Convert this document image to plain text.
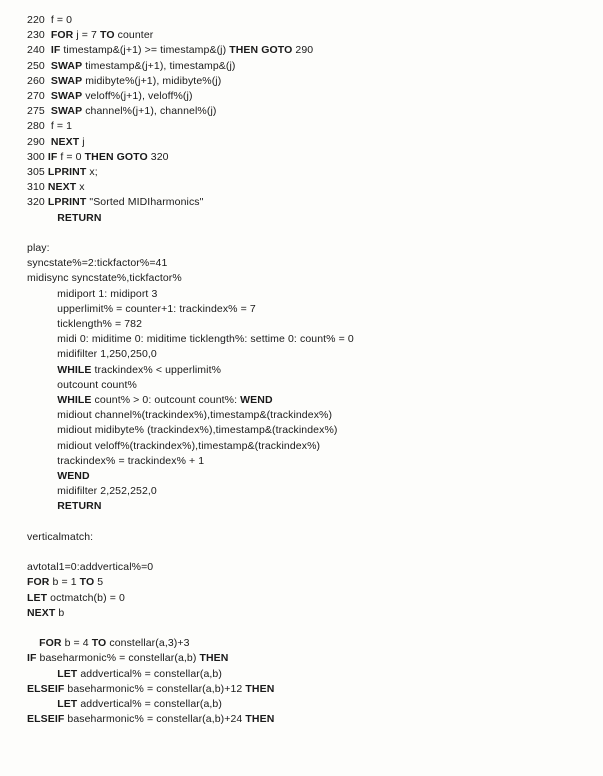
220  f = 0
230  FOR j = 7 TO counter
240  IF timestamp&(j+1) >= timestamp&(j) THEN GOTO 290
250  SWAP timestamp&(j+1), timestamp&(j)
260  SWAP midibyte%(j+1), midibyte%(j)
270  SWAP veloff%(j+1), veloff%(j)
275  SWAP channel%(j+1), channel%(j)
280  f = 1
290  NEXT j
300 IF f = 0 THEN GOTO 320
305 LPRINT x;
310 NEXT x
320 LPRINT "Sorted MIDIharmonics"
RETURN
play:
syncstate%=2:tickfactor%=41
midisync syncstate%,tickfactor%
midiport 1: midiport 3
upperlimit% = counter+1: trackindex% = 7
ticklength% = 782
midi 0: miditime 0: miditime ticklength%: settime 0: count% = 0
midifilter 1,250,250,0
WHILE trackindex% < upperlimit%
outcount count%
WHILE count% > 0: outcount count%: WEND
midiout channel%(trackindex%),timestamp&(trackindex%)
midiout midibyte% (trackindex%),timestamp&(trackindex%)
midiout veloff%(trackindex%),timestamp&(trackindex%)
trackindex% = trackindex% + 1
WEND
midifilter 2,252,252,0
RETURN
verticalmatch:
avtotal1=0:addvertical%=0
FOR b = 1 TO 5
LET octmatch(b) = 0
NEXT b
FOR b = 4 TO constellar(a,3)+3
IF baseharmonic% = constellar(a,b) THEN
LET addvertical% = constellar(a,b)
ELSEIF baseharmonic% = constellar(a,b)+12 THEN
LET addvertical% = constellar(a,b)
ELSEIF baseharmonic% = constellar(a,b)+24 THEN
